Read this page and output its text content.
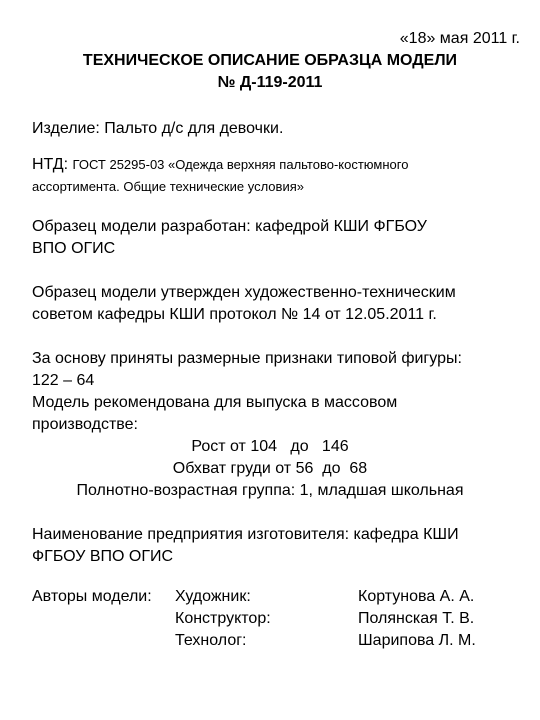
«18» мая 2011 г.
ТЕХНИЧЕСКОЕ ОПИСАНИЕ ОБРАЗЦА МОДЕЛИ
№ Д-119-2011
Изделие: Пальто д/с для девочки.
НТД: ГОСТ 25295-03 «Одежда верхняя пальтово-костюмного
ассортимента. Общие технические условия»
Образец модели разработан: кафедрой КШИ ФГБОУ
ВПО ОГИС
Образец модели утвержден художественно-техническим
советом кафедры КШИ протокол № 14 от 12.05.2011 г.
За основу приняты размерные признаки типовой фигуры:
122 – 64
Модель рекомендована для выпуска в массовом
производстве:
Рост от 104   до   146
Обхват груди от 56  до  68
Полнотно-возрастная группа: 1, младшая школьная
Наименование предприятия изготовителя: кафедра КШИ
ФГБОУ ВПО ОГИС
Авторы модели: Художник:
Конструктор:
Технолог:
Кортунова А. А.
Полянская Т. В.
Шарипова Л. М.
